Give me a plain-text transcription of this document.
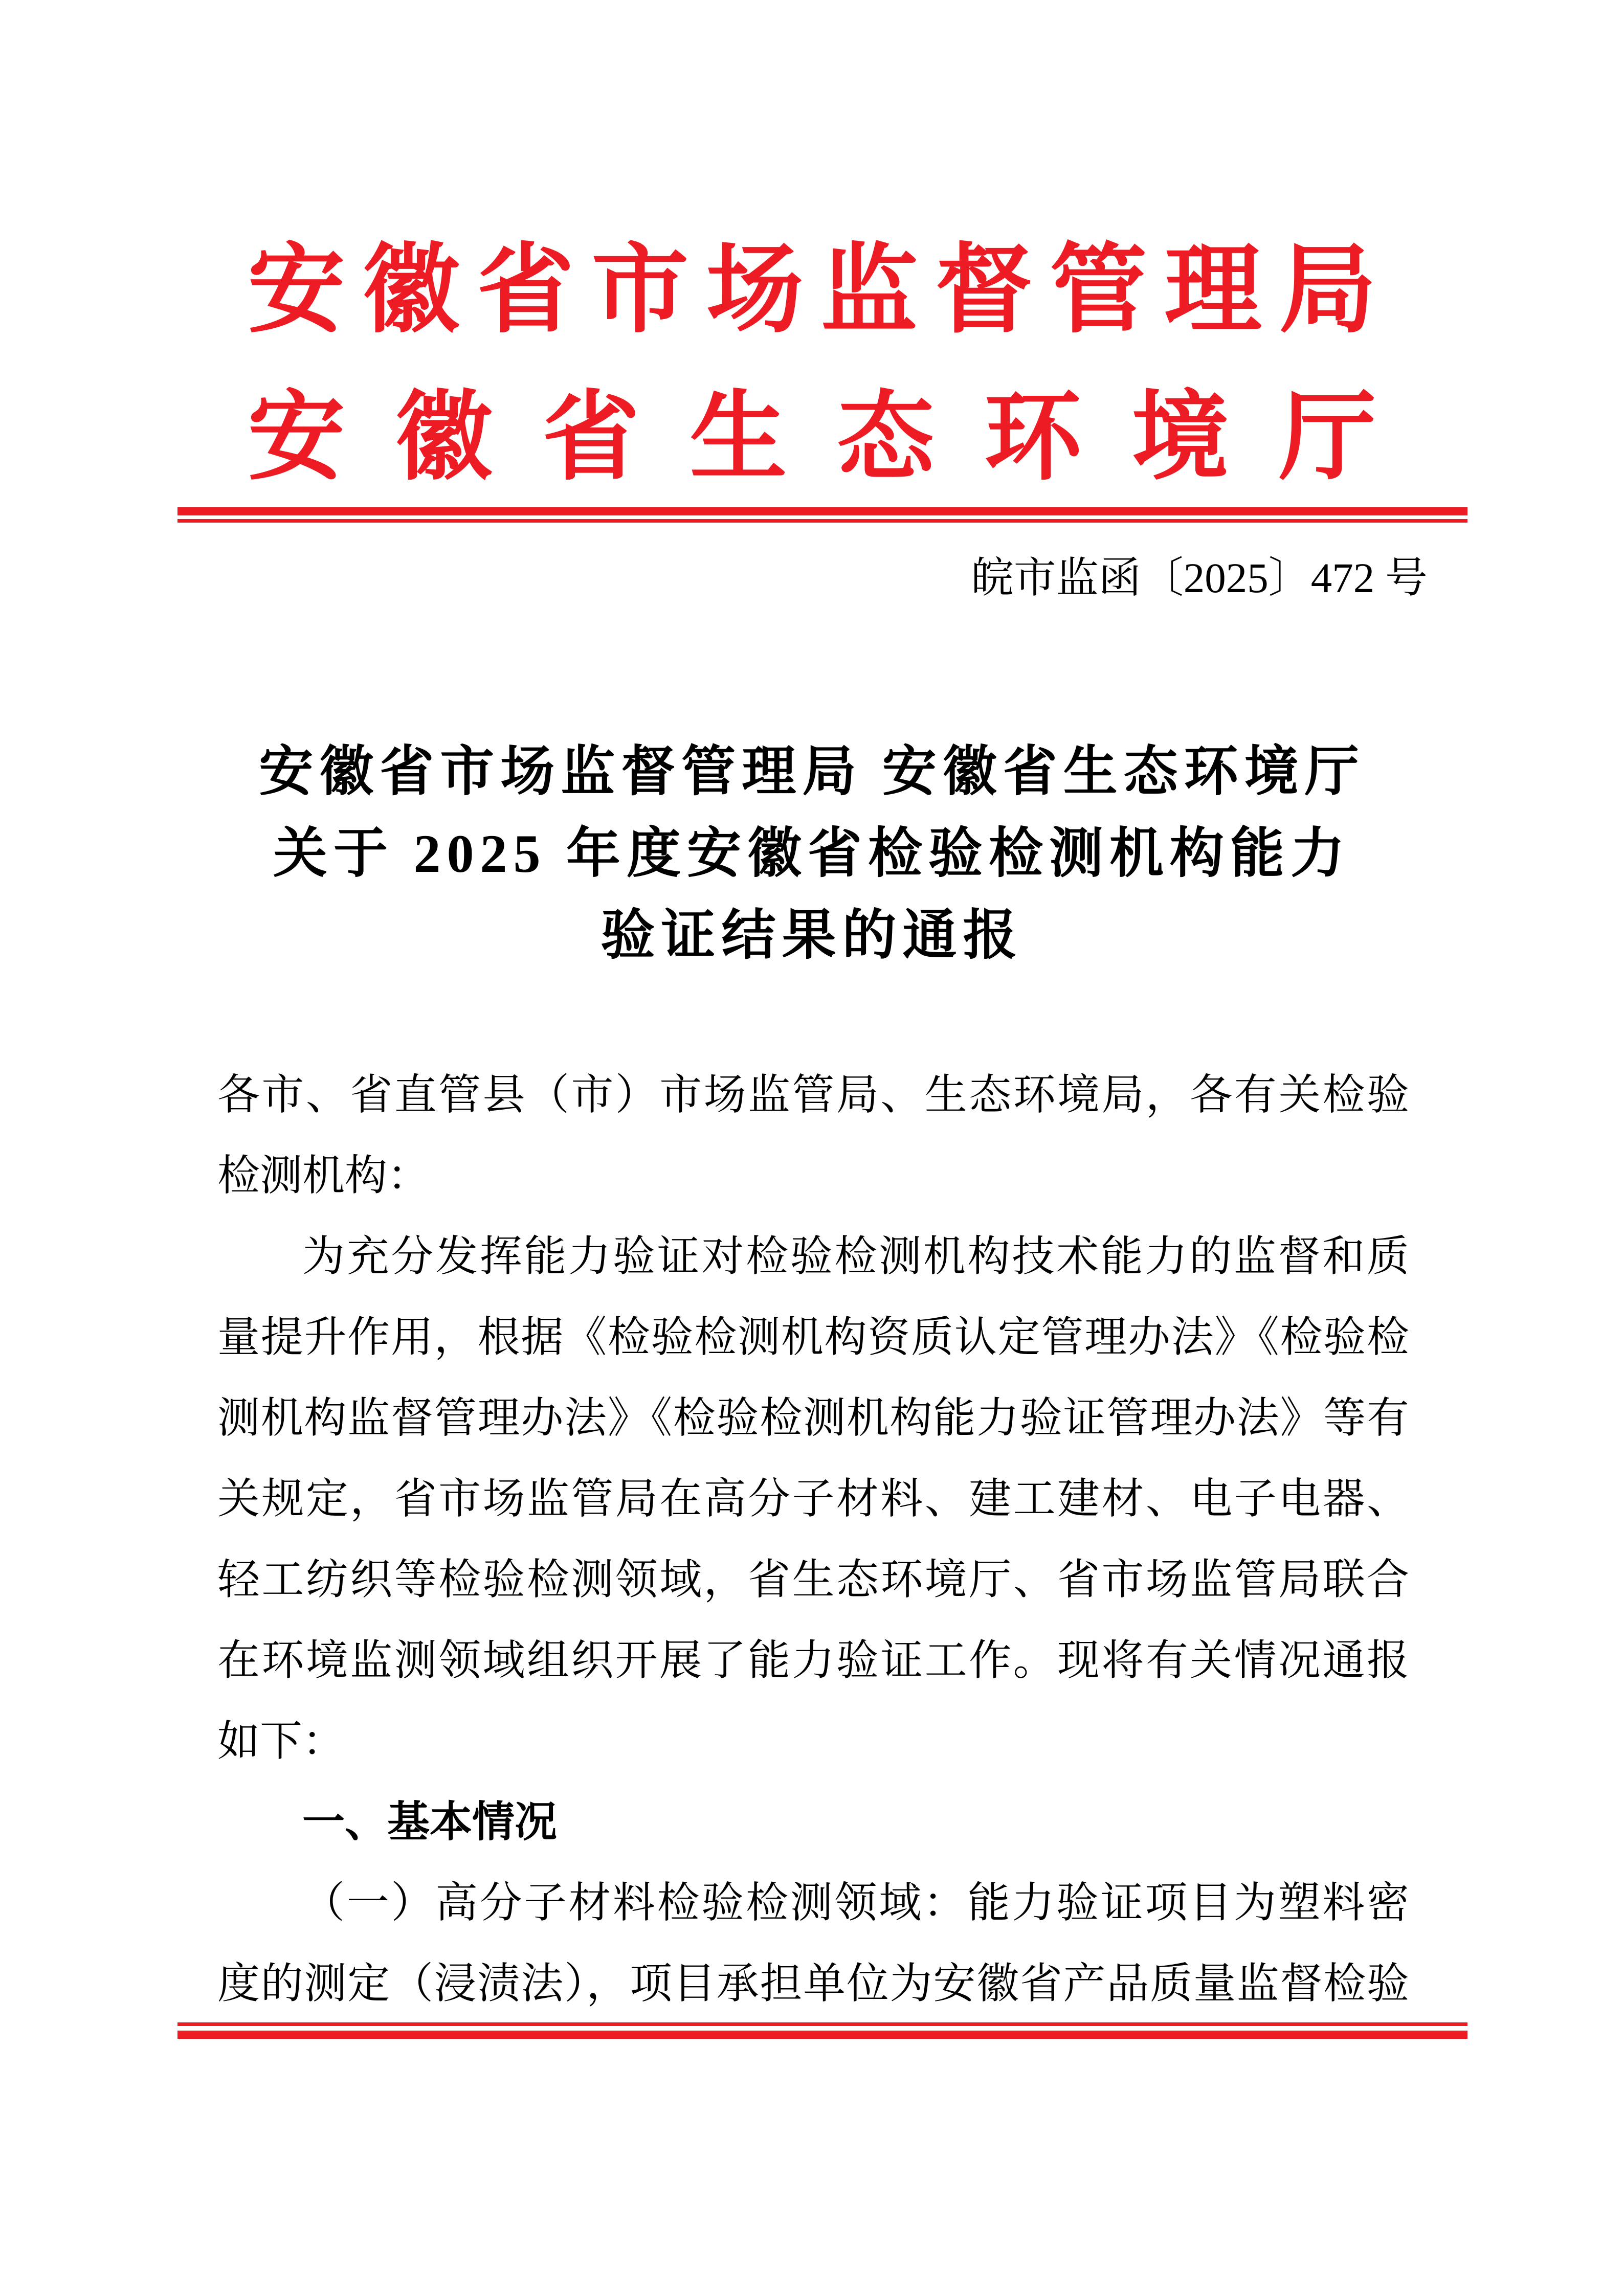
安徽省市场监督管理局
安徽省生态环境厅
皖市监函〔2025〕472 号
安徽省市场监督管理局 安徽省生态环境厅
关于 2025 年度安徽省检验检测机构能力
验证结果的通报
各市、省直管县（市）市场监管局、生态环境局，各有关检验
检测机构：
为充分发挥能力验证对检验检测机构技术能力的监督和质
量提升作用，根据《检验检测机构资质认定管理办法》《检验检
测机构监督管理办法》《检验检测机构能力验证管理办法》等有
关规定，省市场监管局在高分子材料、建工建材、电子电器、
轻工纺织等检验检测领域，省生态环境厅、省市场监管局联合
在环境监测领域组织开展了能力验证工作。现将有关情况通报
如下：
一、基本情况
（一）高分子材料检验检测领域：能力验证项目为塑料密
度的测定（浸渍法），项目承担单位为安徽省产品质量监督检验
